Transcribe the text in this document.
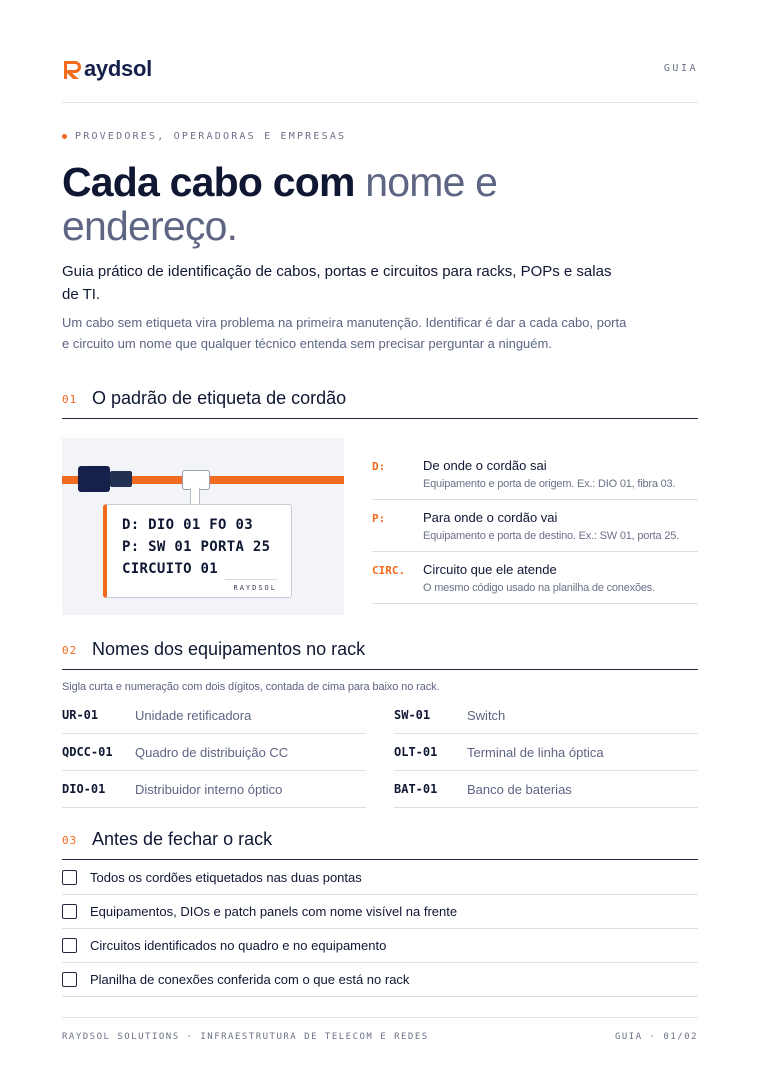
aydsol	GUIA
PROVEDORES, OPERADORAS E EMPRESAS
Cada cabo com nome e endereço.
Guia prático de identificação de cabos, portas e circuitos para racks, POPs e salas de TI.
Um cabo sem etiqueta vira problema na primeira manutenção. Identificar é dar a cada cabo, porta e circuito um nome que qualquer técnico entenda sem precisar perguntar a ninguém.
01 O padrão de etiqueta de cordão
D: DIO 01 FO 03
P: SW 01 PORTA 25
CIRCUITO 01
RAYDSOL
D:	De onde o cordão sai
Equipamento e porta de origem. Ex.: DIO 01, fibra 03.
P:	Para onde o cordão vai
Equipamento e porta de destino. Ex.: SW 01, porta 25.
CIRC. Circuito que ele atende
O mesmo código usado na planilha de conexões.
02 Nomes dos equipamentos no rack
Sigla curta e numeração com dois dígitos, contada de cima para baixo no rack.
UR-01	Unidade retificadora
QDCC-01 Quadro de distribuição CC
DIO-01 Distribuidor interno óptico
SW-01	Switch
OLT-01 Terminal de linha óptica
BAT-01 Banco de baterias
03 Antes de fechar o rack
Todos os cordões etiquetados nas duas pontas
Equipamentos, DIOs e patch panels com nome visível na frente
Circuitos identificados no quadro e no equipamento
Planilha de conexões conferida com o que está no rack
RAYDSOL SOLUTIONS · INFRAESTRUTURA DE TELECOM E REDES	GUIA · 01/02
